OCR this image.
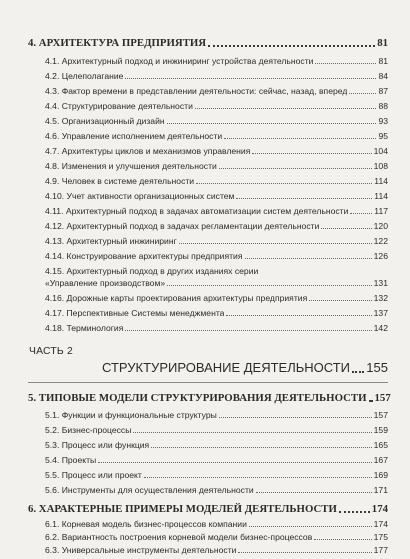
4. АРХИТЕКТУРА ПРЕДПРИЯТИЯ	81
4.1. Архитектурный подход и инжиниринг устройства деятельности	81
4.2. Целеполагание	84
4.3. Фактор времени в представлении деятельности: сейчас, назад, вперед	87
4.4. Структурирование деятельности	88
4.5. Организационный дизайн	93
4.6. Управление исполнением деятельности	95
4.7. Архитектуры циклов и механизмов управления	104
4.8. Изменения и улучшения деятельности	108
4.9. Человек в системе деятельности	114
4.10. Учет активности организационных систем	114
4.11. Архитектурный подход в задачах автоматизации систем деятельности	117
4.12. Архитектурный подход в задачах регламентации деятельности	120
4.13. Архитектурный инжиниринг	122
4.14. Конструирование архитектуры предприятия	126
4.15. Архитектурный подход в других изданиях серии
«Управление производством»	131
4.16. Дорожные карты проектирования архитектуры предприятия	132
4.17. Перспективные Системы менеджмента	137
4.18. Терминология	142
ЧАСТЬ 2
СТРУКТУРИРОВАНИЕ ДЕЯТЕЛЬНОСТИ 155
5. ТИПОВЫЕ МОДЕЛИ СТРУКТУРИРОВАНИЯ ДЕЯТЕЛЬНОСТИ 157
5.1. Функции и функциональные структуры	157
5.2. Бизнес-процессы	159
5.3. Процесс или функция	165
5.4. Проекты	167
5.5. Процесс или проект	169
5.6. Инструменты для осуществления деятельности	171
6. ХАРАКТЕРНЫЕ ПРИМЕРЫ МОДЕЛЕЙ ДЕЯТЕЛЬНОСТИ	174
6.1. Корневая модель бизнес-процессов компании	174
6.2. Вариантность построения корневой модели бизнес-процессов	175
6.3. Универсальные инструменты деятельности	177
